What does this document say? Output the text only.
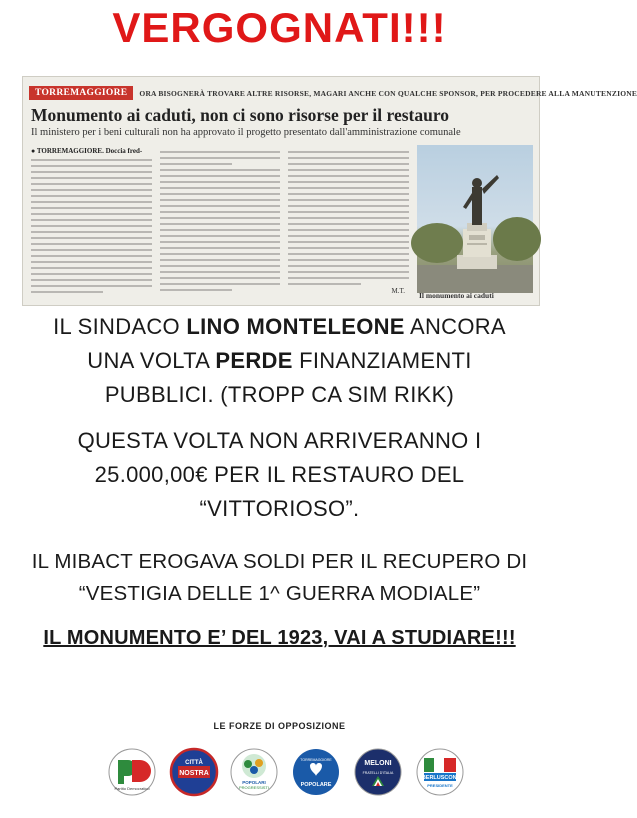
VERGOGNATI!!!
TORREMAGGIORE	ORA BISOGNERÀ TROVARE ALTRE RISORSE, MAGARI ANCHE CON QUALCHE SPONSOR, PER PROCEDERE ALLA MANUTENZIONE
Monumento ai caduti, non ci sono risorse per il restauro
Il ministero per i beni culturali non ha approvato il progetto presentato dall'amministrazione comunale
● TORREMAGGIORE. Doccia fred-
M.T. Il monumento ai caduti
IL SINDACO LINO MONTELEONE ANCORA
UNA VOLTA PERDE FINANZIAMENTI
PUBBLICI. (TROPP CA SIM RIKK)
QUESTA VOLTA NON ARRIVERANNO I
25.000,00€ PER IL RESTAURO DEL
“VITTORIOSO”.
IL MIBACT EROGAVA SOLDI PER IL RECUPERO DI
“VESTIGIA DELLE 1^ GUERRA MODIALE”
IL MONUMENTO E’ DEL 1923, VAI A STUDIARE!!!
LE FORZE DI OPPOSIZIONE
Partito Democratico
CITTÀ
NOSTRA
POPOLARI
PROGRESSISTI
TORREMAGGIORE
POPOLARE
MELONI
FRATELLI D'ITALIA
BERLUSCONI
PRESIDENTE
